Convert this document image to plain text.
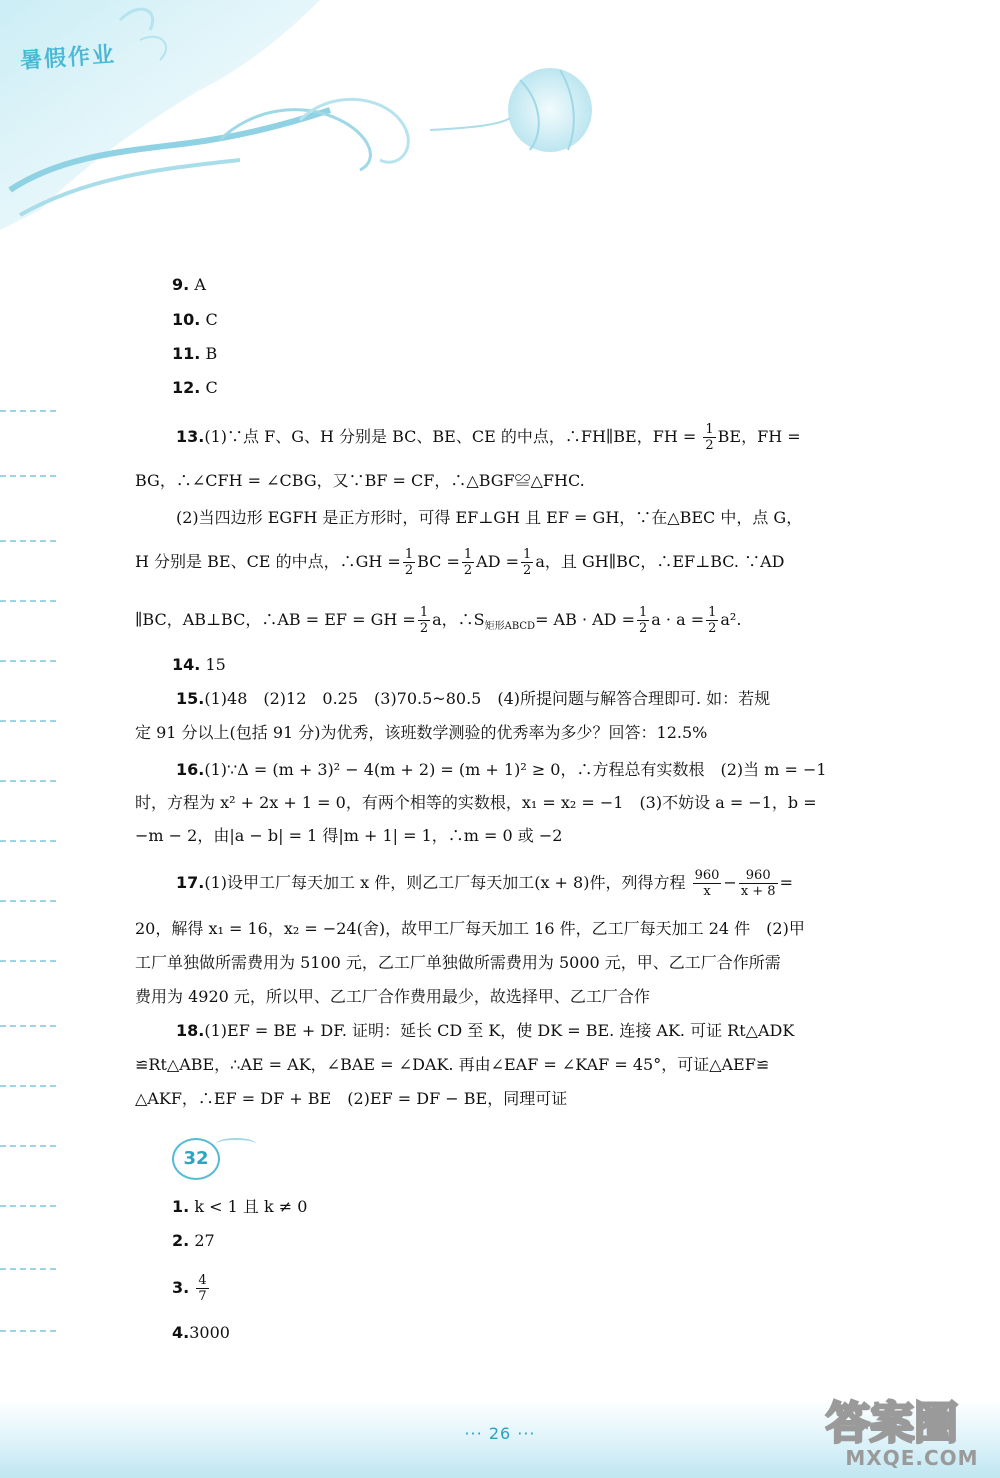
暑假作业
9. A
10. C
11. B
12. C
13.(1)∵点 F、G、H 分别是 BC、BE、CE 的中点，∴FH∥BE，FH = $\frac{1}{2}$ BE，FH =
BG，∴∠CFH = ∠CBG，又∵BF = CF，∴△BGF≌△FHC.
(2)当四边形 EGFH 是正方形时，可得 EF⊥GH 且 EF = GH，∵在△BEC 中，点 G，
H 分别是 BE、CE 的中点，∴GH = $\frac{1}{2}$ BC = $\frac{1}{2}$ AD = $\frac{1}{2}$ a，且 GH∥BC，∴EF⊥BC. ∵AD
∥BC，AB⊥BC，∴AB = EF = GH = $\frac{1}{2}$ a，$\therefore S_{矩形ABCD}=$ AB · AD = $\frac{1}{2}$ $a \cdot a = \frac{1}{2} a^2$.
14. 15
15.(1)48　(2)12　0.25　(3)70.5~80.5　(4)所提问题与解答合理即可. 如：若规
定 91 分以上(包括 91 分)为优秀，该班数学测验的优秀率为多少？回答：12.5%
16.(1)∵Δ = (m + 3)² − 4(m + 2) = (m + 1)² ≥ 0，∴方程总有实数根　(2)当 m = −1
时，方程为 x² + 2x + 1 = 0，有两个相等的实数根，x₁ = x₂ = −1　(3)不妨设 a = −1，b =
−m − 2，由|a − b| = 1 得|m + 1| = 1，∴m = 0 或 −2
17.(1)设甲工厂每天加工 x 件，则乙工厂每天加工(x + 8)件，列得方程 $\frac{960}{x} - \frac{960}{x + 8}$ =
20，解得 x₁ = 16，x₂ = −24(舍)，故甲工厂每天加工 16 件，乙工厂每天加工 24 件　(2)甲
工厂单独做所需费用为 5100 元，乙工厂单独做所需费用为 5000 元，甲、乙工厂合作所需
费用为 4920 元，所以甲、乙工厂合作费用最少，故选择甲、乙工厂合作
18.(1)EF = BE + DF. 证明：延长 CD 至 K，使 DK = BE. 连接 AK. 可证 Rt△ADK
≌Rt△ABE，∴AE = AK，∠BAE = ∠DAK. 再由∠EAF = ∠KAF = 45°，可证△AEF≌
△AKF，∴EF = DF + BE　(2)EF = DF − BE，同理可证
32
1. k < 1 且 k ≠ 0
2. 27
3. $\frac{4}{7}$
4.3000
··· 26 ···	答案圈
MXQE.COM
